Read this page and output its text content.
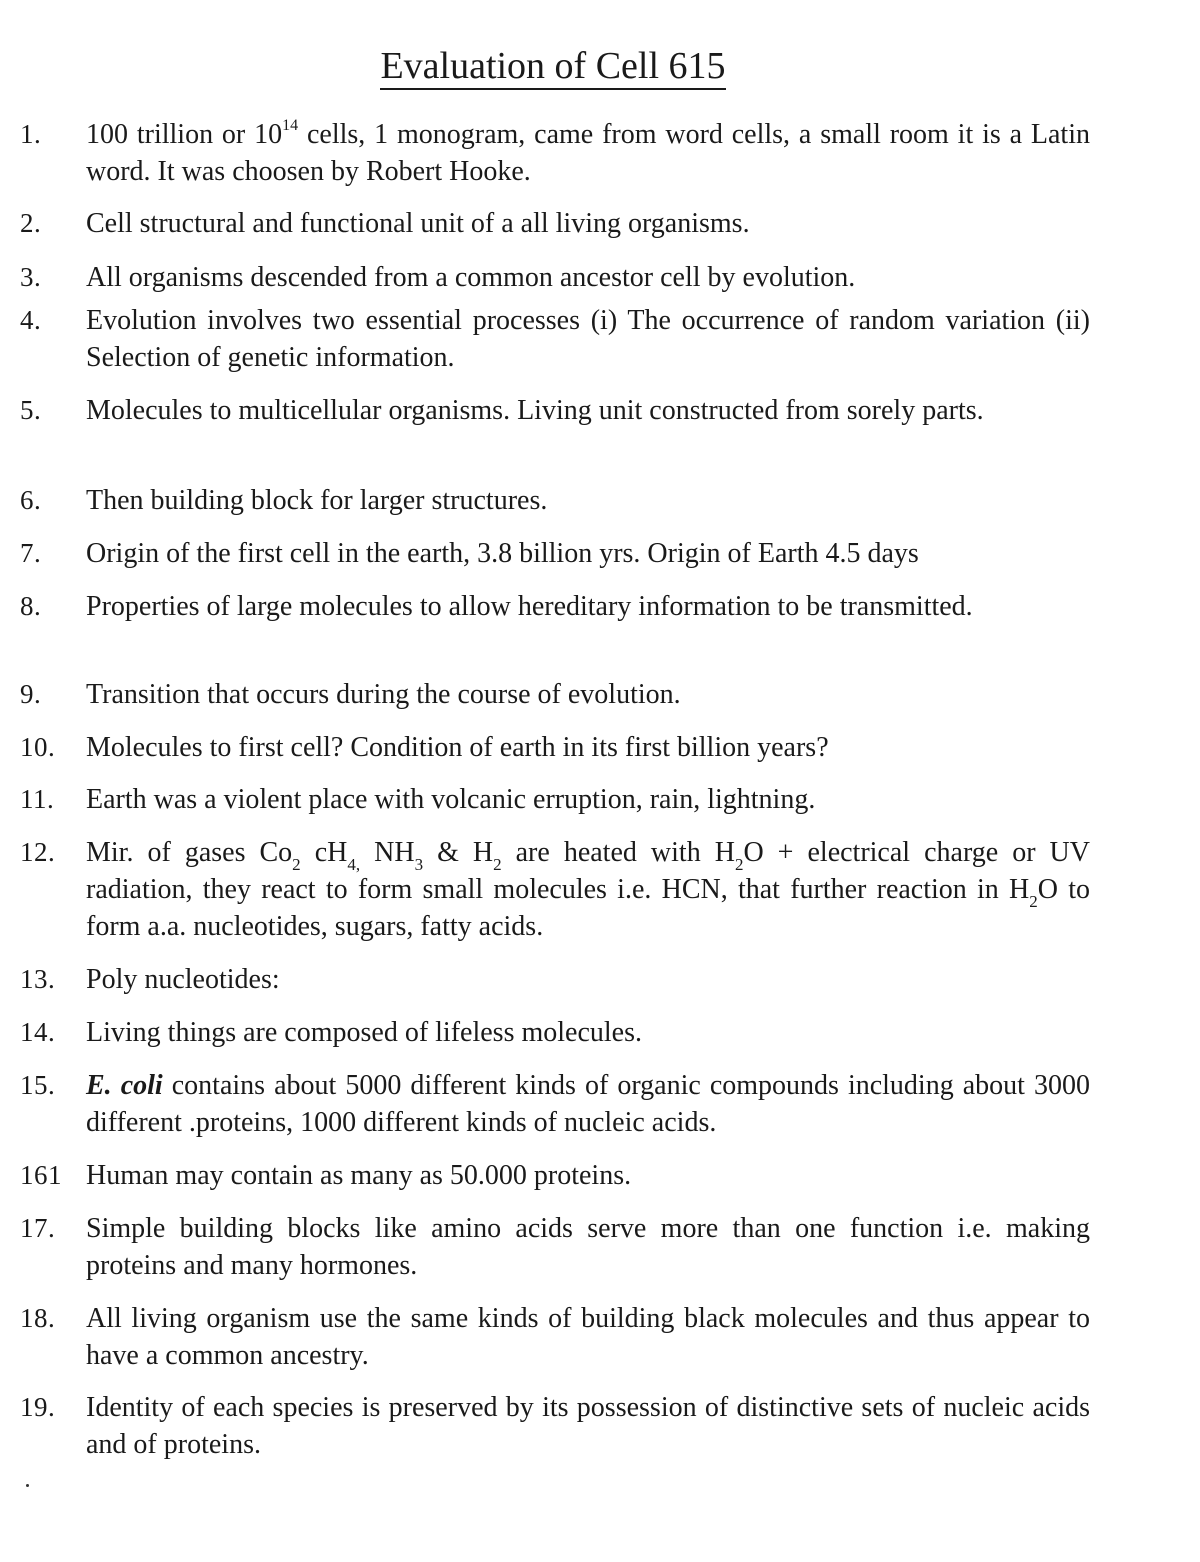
Evaluation of Cell 615
1. 100 trillion or $10^{14}$ cells, 1 monogram, came from word cells, a small room it is a Latin word. It was choosen by Robert Hooke.
2. Cell structural and functional unit of a all living organisms.
3. All organisms descended from a common ancestor cell by evolution.
4. Evolution involves two essential processes (i) The occurrence of random variation (ii) Selection of genetic information.
5. Molecules to multicellular organisms. Living unit constructed from sorely parts.
6. Then building block for larger structures.
7. Origin of the first cell in the earth, 3.8 billion yrs. Origin of Earth 4.5 days
8. Properties of large molecules to allow hereditary information to be transmitted.
9. Transition that occurs during the course of evolution.
10. Molecules to first cell? Condition of earth in its first billion years?
11. Earth was a violent place with volcanic erruption, rain, lightning.
12. Mir. of gases $Co_2$ $cH_{4,}$ $NH_3$ & $H_2$ are heated with $H_2O$ + electrical charge or UV radiation, they react to form small molecules i.e. HCN, that further reaction in $H_2O$ to form a.a. nucleotides, sugars, fatty acids.
13. Poly nucleotides:
14. Living things are composed of lifeless molecules.
15. E. coli contains about 5000 different kinds of organic compounds including about 3000 different .proteins, 1000 different kinds of nucleic acids.
161 Human may contain as many as 50.000 proteins.
17. Simple building blocks like amino acids serve more than one function i.e. making proteins and many hormones.
18. All living organism use the same kinds of building black molecules and thus appear to have a common ancestry.
19. Identity of each species is preserved by its possession of distinctive sets of nucleic acids and of proteins.
